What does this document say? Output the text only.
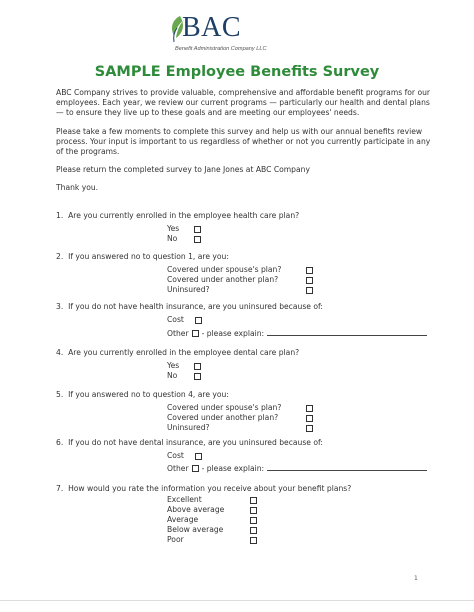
BAC
Benefit Administration Company LLC
SAMPLE Employee Benefits Survey
ABC Company strives to provide valuable, comprehensive and affordable benefit programs for our employees. Each year, we review our current programs — particularly our health and dental plans — to ensure they live up to these goals and are meeting our employees' needs.
Please take a few moments to complete this survey and help us with our annual benefits review process. Your input is important to us regardless of whether or not you currently participate in any of the programs.
Please return the completed survey to Jane Jones at ABC Company
Thank you.
1. Are you currently enrolled in the employee health care plan?
Yes
No
2. If you answered no to question 1, are you:
Covered under spouse's plan?
Covered under another plan?
Uninsured?
3. If you do not have health insurance, are you uninsured because of:
Cost
Other - please explain:
4. Are you currently enrolled in the employee dental care plan?
Yes
No
5. If you answered no to question 4, are you:
Covered under spouse's plan?
Covered under another plan?
Uninsured?
6. If you do not have dental insurance, are you uninsured because of:
Cost
Other - please explain:
7. How would you rate the information you receive about your benefit plans?
Excellent
Above average
Average
Below average
Poor
1
